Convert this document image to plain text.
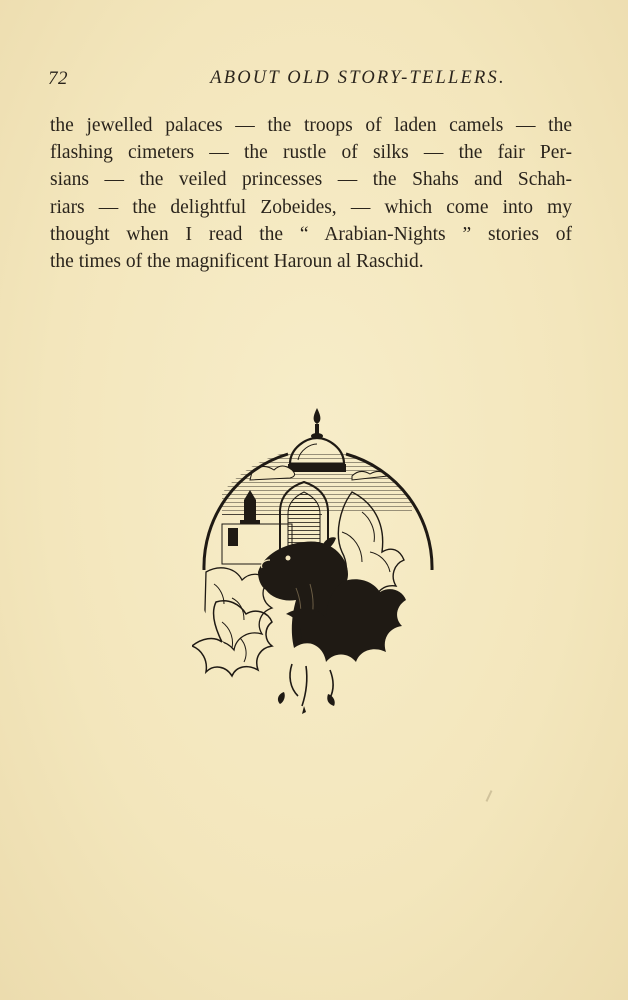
72	ABOUT OLD STORY-TELLERS.
the jewelled palaces — the troops of laden camels — the
flashing cimeters — the rustle of silks — the fair Per-
sians — the veiled princesses — the Shahs and Schah-
riars — the delightful Zobeides, — which come into my
thought when I read the “ Arabian-Nights ” stories of
the times of the magnificent Haroun al Raschid.
